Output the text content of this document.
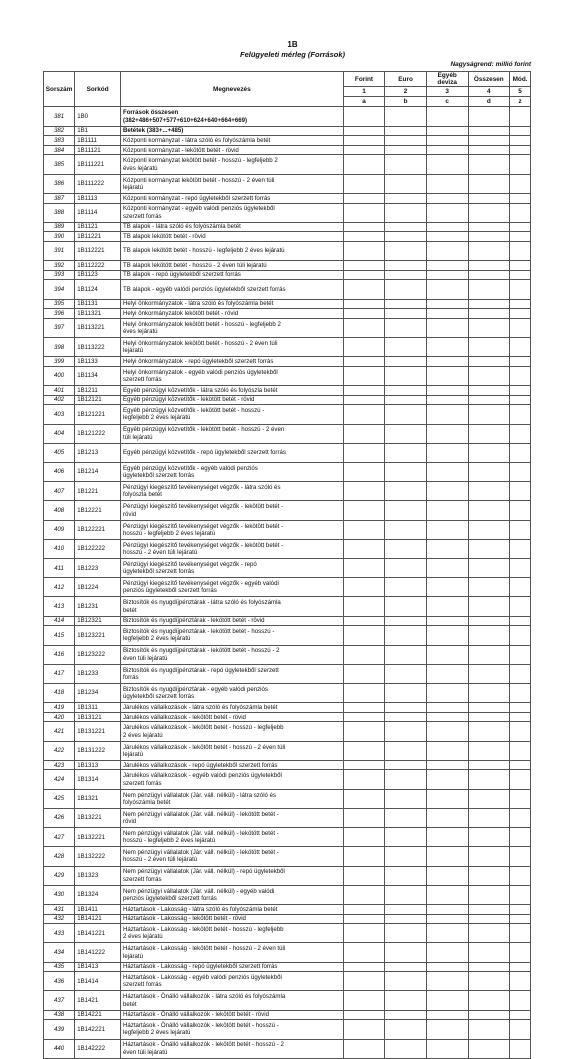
1B
Felügyeleti mérleg (Források)
Nagyságrend: millió forint
Sorszám	Sorkód	Megnevezés	Forint	Euro	Egyéb deviza	Összesen	Mód.
			1	2	3	4	5
			a	b	c	d	z
381	1B0	Források összesen
(382+486+507+577+610+624+640+664+669)					
382	1B1	Betétek (383+...+485)					
383	1B1111	Központi kormányzat - látra szóló és folyószámla betét					
384	1B11121	Központi kormányzat - lekötött betét - rövid					
385	1B111221	Központi kormányzat lekötött betét - hosszú - legfeljebb 2
éves lejáratú					
386	1B111222	Központi kormányzat lekötött betét - hosszú - 2 éven túli
lejáratú					
387	1B1113	Központi kormányzat - repó ügyletekből szerzett forrás					
388	1B1114	Központi kormányzat - egyéb valódi penziós ügyletekből
szerzett forrás					
389	1B1121	TB alapok - látra szóló és folyószámla betét					
390	1B11221	TB alapok lekötött betét - rövid					
391	1B112221	TB alapok lekötött betét - hosszú - legfeljebb 2 éves lejáratú					
392	1B112222	TB alapok lekötött betét - hosszú - 2 éven túli lejáratú					
393	1B1123	TB alapok - repó ügyletekből szerzett forrás					
394	1B1124	TB alapok - egyéb valódi penziós ügyletekből szerzett forrás					
395	1B1131	Helyi önkormányzatok - látra szóló és folyószámla betét					
396	1B11321	Helyi önkormányzatok lekötött betét - rövid					
397	1B113221	Helyi önkormányzatok lekötött betét - hosszú - legfeljebb 2
éves lejáratú					
398	1B113222	Helyi önkormányzatok lekötött betét - hosszú - 2 éven túli
lejáratú					
399	1B1133	Helyi önkormányzatok - repó ügyletekből szerzett forrás					
400	1B1134	Helyi önkormányzatok - egyéb valódi penziós ügyletekből
szerzett forrás					
401	1B1211	Egyéb pénzügyi közvetítők - látra szóló és folyószla betét					
402	1B12121	Egyéb pénzügyi közvetítők - lekötött betét - rövid					
403	1B121221	Egyéb pénzügyi közvetítők - lekötött betét - hosszú -
legfeljebb 2 éves lejáratú					
404	1B121222	Egyéb pénzügyi közvetítők - lekötött betét - hosszú - 2 éven
túli lejáratú					
405	1B1213	Egyéb pénzügyi közvetítők - repó ügyletekből szerzett forrás					
406	1B1214	Egyéb pénzügyi közvetítők - egyéb valódi penziós
ügyletekből szerzett forrás					
407	1B1221	Pénzügyi kiegészítő tevékenységet végzők - látra szóló és
folyószla betét					
408	1B12221	Pénzügyi kiegészítő tevékenységet végzők - lekötött betét -
rövid					
409	1B122221	Pénzügyi kiegészítő tevékenységet végzők - lekötött betét -
hosszú - legfeljebb 2 éves lejáratú					
410	1B122222	Pénzügyi kiegészítő tevékenységet végzők - lekötött betét -
hosszú - 2 éven túli lejáratú					
411	1B1223	Pénzügyi kiegészítő tevékenységet végzők - repó
ügyletekből szerzett forrás					
412	1B1224	Pénzügyi kiegészítő tevékenységet végzők - egyéb valódi
penziós ügyletekből szerzett forrás					
413	1B1231	Biztosítók és nyugdíjpénztárak - látra szóló és folyószámla
betét					
414	1B12321	Biztosítók és nyugdíjpénztárak - lekötött betét - rövid					
415	1B123221	Biztosítók és nyugdíjpénztárak - lekötött betét - hosszú -
legfeljebb 2 éves lejáratú					
416	1B123222	Biztosítók és nyugdíjpénztárak - lekötött betét - hosszú - 2
éven túli lejáratú					
417	1B1233	Biztosítók és nyugdíjpénztárak - repó ügyletekből szerzett
forrás					
418	1B1234	Biztosítók és nyugdíjpénztárak - egyéb valódi penziós
ügyletekből szerzett forrás					
419	1B1311	Járulékos vállalkozások - látra szóló és folyószámla betét					
420	1B13121	Járulékos vállalkozások - lekötött betét - rövid					
421	1B131221	Járulékos vállalkozások - lekötött betét - hosszú - legfeljebb
2 éves lejáratú					
422	1B131222	Járulékos vállalkozások - lekötött betét - hosszú - 2 éven túli
lejáratú					
423	1B1313	Járulékos vállalkozások - repó ügyletekből szerzett forrás					
424	1B1314	Járulékos vállalkozások - egyéb valódi penziós ügyletekből
szerzett forrás					
425	1B1321	Nem pénzügyi vállalatok (Jár. váll. nélkül) - látra szóló és
folyószámla betét					
426	1B13221	Nem pénzügyi vállalatok (Jár. váll. nélkül) - lekötött betét -
rövid					
427	1B132221	Nem pénzügyi vállalatok (Jár. váll. nélkül) - lekötött betét -
hosszú - legfeljebb 2 éves lejáratú					
428	1B132222	Nem pénzügyi vállalatok (Jár. váll. nélkül) - lekötött betét -
hosszú - 2 éven túli lejáratú					
429	1B1323	Nem pénzügyi vállalatok (Jár. váll. nélkül) - repó ügyletekből
szerzett forrás					
430	1B1324	Nem pénzügyi vállalatok (Jár. váll. nélkül) - egyéb valódi
penziós ügyletekből szerzett forrás					
431	1B1411	Háztartások - Lakosság - látra szóló és folyószámla betét					
432	1B14121	Háztartások - Lakosság - lekötött betét - rövid					
433	1B141221	Háztartások - Lakosság - lekötött betét - hosszú - legfeljebb
2 éves lejáratú					
434	1B141222	Háztartások - Lakosság - lekötött betét - hosszú - 2 éven túli
lejáratú					
435	1B1413	Háztartások - Lakosság - repó ügyletekből szerzett forrás					
436	1B1414	Háztartások - Lakosság - egyéb valódi penziós ügyletekből
szerzett forrás					
437	1B1421	Háztartások - Önálló vállalkozók - látra szóló és folyószámla
betét					
438	1B14221	Háztartások - Önálló vállalkozók - lekötött betét - rövid					
439	1B142221	Háztartások - Önálló vállalkozók - lekötött betét - hosszú -
legfeljebb 2 éves lejáratú					
440	1B142222	Háztartások - Önálló vállalkozók - lekötött betét - hosszú - 2
éven túli lejáratú					
